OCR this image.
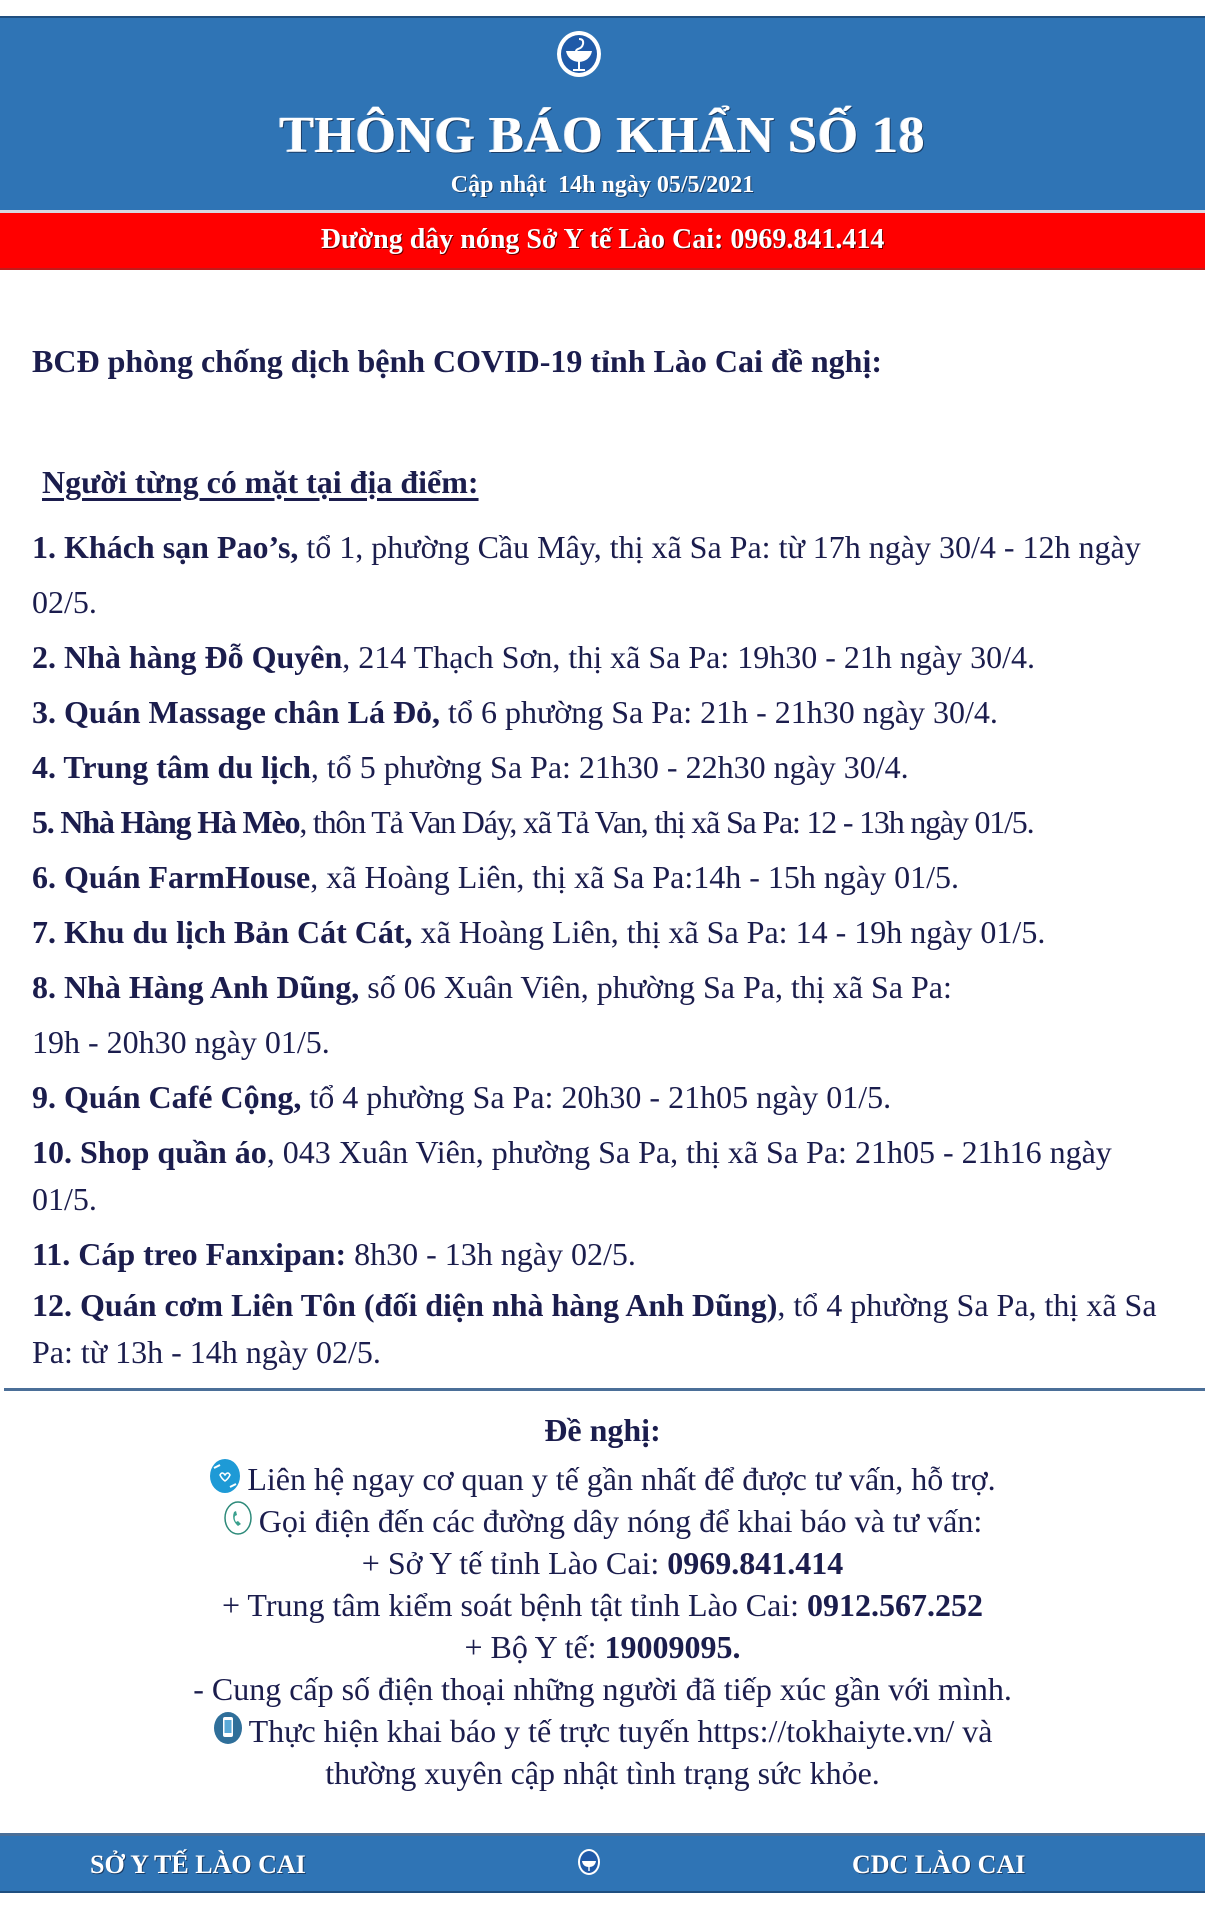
THÔNG BÁO KHẨN SỐ 18
Cập nhật  14h ngày 05/5/2021
Đường dây nóng Sở Y tế Lào Cai: 0969.841.414
BCĐ phòng chống dịch bệnh COVID-19 tỉnh Lào Cai đề nghị:
Người từng có mặt tại địa điểm:

1. Khách sạn Pao’s, tổ 1, phường Cầu Mây, thị xã Sa Pa: từ 17h ngày 30/4 - 12h ngày 02/5.

2. Nhà hàng Đỗ Quyên, 214 Thạch Sơn, thị xã Sa Pa: 19h30 - 21h ngày 30/4.

3. Quán Massage chân Lá Đỏ, tổ 6 phường Sa Pa: 21h - 21h30 ngày 30/4.

4. Trung tâm du lịch, tổ 5 phường Sa Pa: 21h30 - 22h30 ngày 30/4.

5. Nhà Hàng Hà Mèo, thôn Tả Van Dáy, xã Tả Van, thị xã Sa Pa: 12 - 13h ngày 01/5.

6. Quán FarmHouse, xã Hoàng Liên, thị xã Sa Pa:14h - 15h ngày 01/5.

7. Khu du lịch Bản Cát Cát, xã Hoàng Liên, thị xã Sa Pa: 14 - 19h ngày 01/5.

8. Nhà Hàng Anh Dũng, số 06 Xuân Viên, phường Sa Pa, thị xã Sa Pa: 19h - 20h30 ngày 01/5.

9. Quán Café Cộng, tổ 4 phường Sa Pa: 20h30 - 21h05 ngày 01/5.

10. Shop quần áo, 043 Xuân Viên, phường Sa Pa, thị xã Sa Pa: 21h05 - 21h16 ngày 01/5.

11. Cáp treo Fanxipan: 8h30 - 13h ngày 02/5.

12. Quán cơm Liên Tôn (đối diện nhà hàng Anh Dũng), tổ 4 phường Sa Pa, thị xã Sa Pa: từ 13h - 14h ngày 02/5.

Đề nghị:
Liên hệ ngay cơ quan y tế gần nhất để được tư vấn, hỗ trợ.
Gọi điện đến các đường dây nóng để khai báo và tư vấn:
+ Sở Y tế tỉnh Lào Cai: 0969.841.414
+ Trung tâm kiểm soát bệnh tật tỉnh Lào Cai: 0912.567.252
+ Bộ Y tế: 19009095.
- Cung cấp số điện thoại những người đã tiếp xúc gần với mình.
Thực hiện khai báo y tế trực tuyến https://tokhaiyte.vn/ và
thường xuyên cập nhật tình trạng sức khỏe.
SỞ Y TẾ LÀO CAI	CDC LÀO CAI
